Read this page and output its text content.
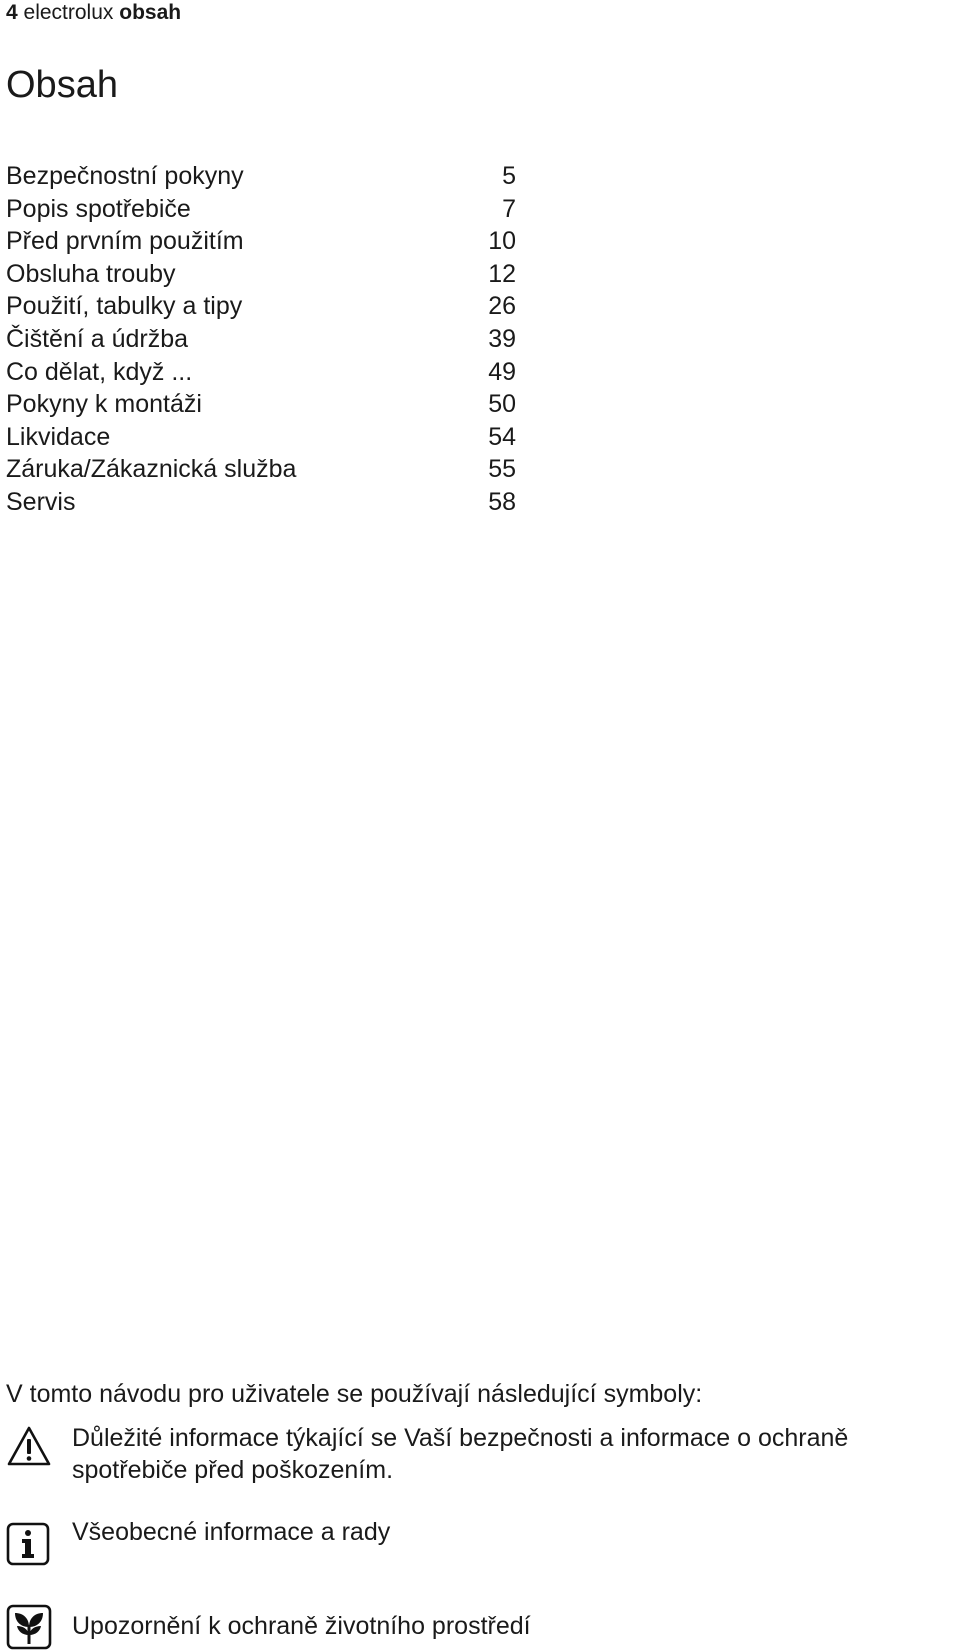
4 electrolux obsah
Obsah
Bezpečnostní pokyny	5
Popis spotřebiče	7
Před prvním použitím	10
Obsluha trouby	12
Použití, tabulky a tipy	26
Čištění a údržba	39
Co dělat, když ...	49
Pokyny k montáži	50
Likvidace	54
Záruka/Zákaznická služba	55
Servis	58

V tomto návodu pro uživatele se používají následující symboly:

Důležité informace týkající se Vaší bezpečnosti a informace o ochraně
spotřebiče před poškozením.
Všeobecné informace a rady
Upozornění k ochraně životního prostředí
